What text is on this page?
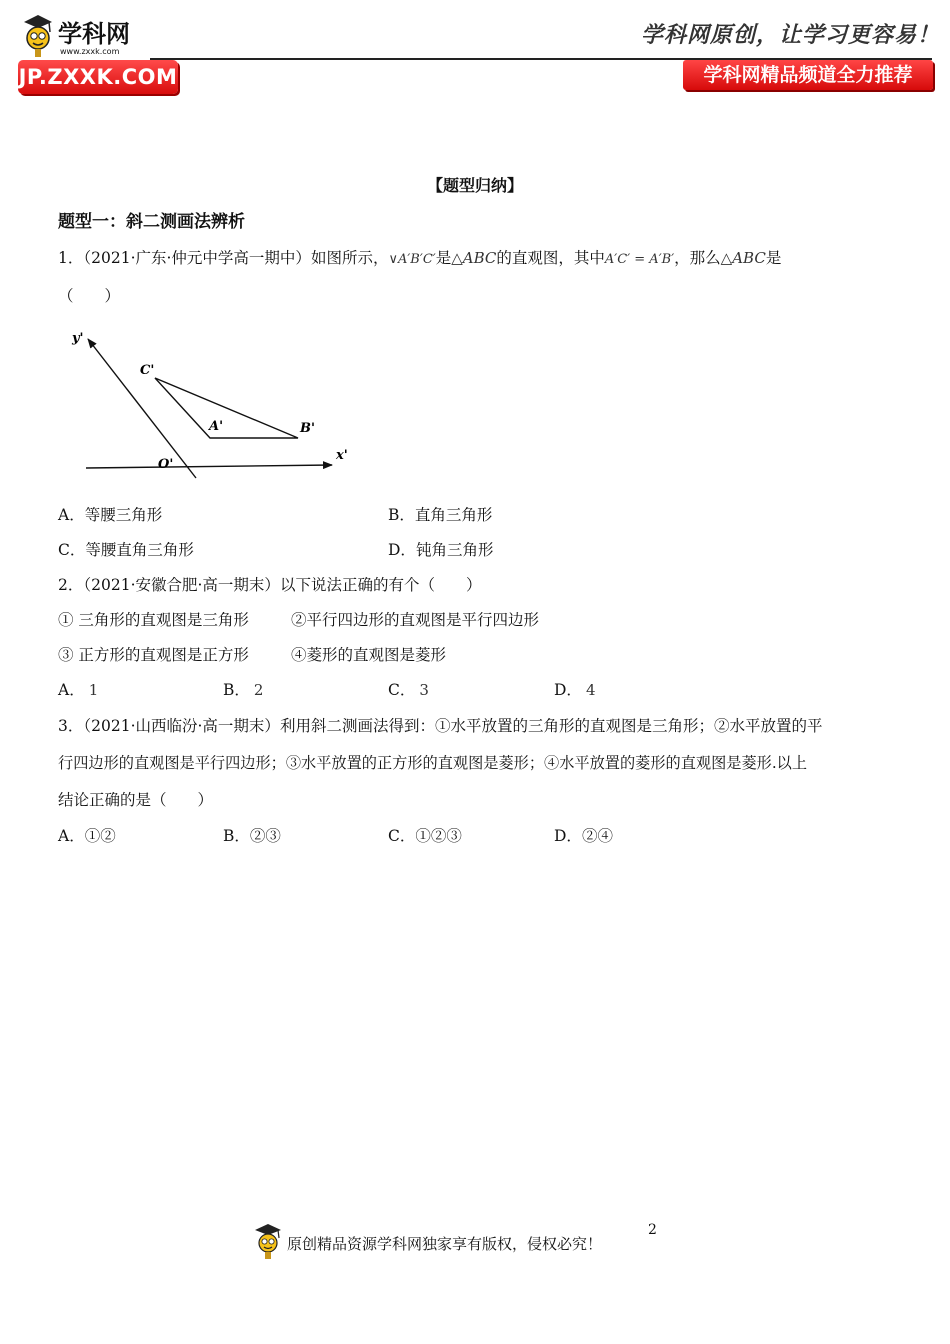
学科网
www.zxxk.com
JP.ZXXK.COM
学科网原创，让学习更容易！
学科网精品频道全力推荐
【题型归纳】
题型一：斜二测画法辨析
1．（2021·广东·仲元中学高一期中）如图所示，∨A′B′C′是△ABC的直观图，其中A′C′ = A′B′，那么△ABC是
（　　）
y'
x'
O'
C'
A'	B'
A．等腰三角形	B．直角三角形
C．等腰直角三角形	D．钝角三角形
2．（2021·安徽合肥·高一期末）以下说法正确的有个（　　）
① 三角形的直观图是三角形	②平行四边形的直观图是平行四边形
③ 正方形的直观图是正方形	④菱形的直观图是菱形
A． 1	B． 2	C． 3	D． 4
3．（2021·山西临汾·高一期末）利用斜二测画法得到：①水平放置的三角形的直观图是三角形；②水平放置的平
行四边形的直观图是平行四边形；③水平放置的正方形的直观图是菱形；④水平放置的菱形的直观图是菱形.以上
结论正确的是（　　）
A．①②	B．②③	C．①②③	D．②④
原创精品资源学科网独家享有版权，侵权必究！
2
